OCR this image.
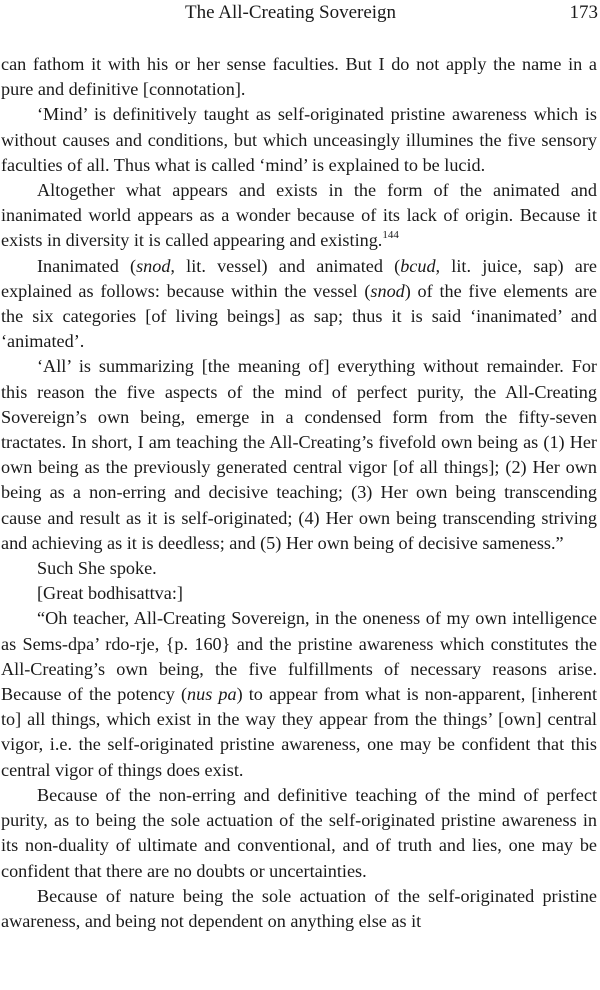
The All-Creating Sovereign	173

can fathom it with his or her sense faculties. But I do not apply the name in a pure and definitive [connotation].

‘Mind’ is definitively taught as self-originated pristine awareness which is without causes and conditions, but which unceasingly illumines the five sensory faculties of all. Thus what is called ‘mind’ is explained to be lucid.

Altogether what appears and exists in the form of the animated and inanimated world appears as a wonder because of its lack of origin. Because it exists in diversity it is called appearing and existing.$^{144}$

Inanimated (snod, lit. vessel) and animated (bcud, lit. juice, sap) are explained as follows: because within the vessel (snod) of the five elements are the six categories [of living beings] as sap; thus it is said ‘inanimated’ and ‘animated’.

‘All’ is summarizing [the meaning of] everything without remainder. For this reason the five aspects of the mind of perfect purity, the All-Creating Sovereign’s own being, emerge in a condensed form from the fifty-seven tractates. In short, I am teaching the All-Creating’s fivefold own being as (1) Her own being as the previously generated central vigor [of all things]; (2) Her own being as a non-erring and decisive teaching; (3) Her own being transcending cause and result as it is self-originated; (4) Her own being transcending striving and achieving as it is deedless; and (5) Her own being of decisive sameness.”

Such She spoke.

[Great bodhisattva:]

“Oh teacher, All-Creating Sovereign, in the oneness of my own intelligence as Sems-dpa’ rdo-rje, {p. 160} and the pristine awareness which constitutes the All-Creating’s own being, the five fulfillments of necessary reasons arise. Because of the potency (nus pa) to appear from what is non-apparent, [inherent to] all things, which exist in the way they appear from the things’ [own] central vigor, i.e. the self-originated pristine awareness, one may be confident that this central vigor of things does exist.

Because of the non-erring and definitive teaching of the mind of perfect purity, as to being the sole actuation of the self-originated pristine awareness in its non-duality of ultimate and conventional, and of truth and lies, one may be confident that there are no doubts or uncertainties.

Because of nature being the sole actuation of the self-originated pristine awareness, and being not dependent on anything else as it
